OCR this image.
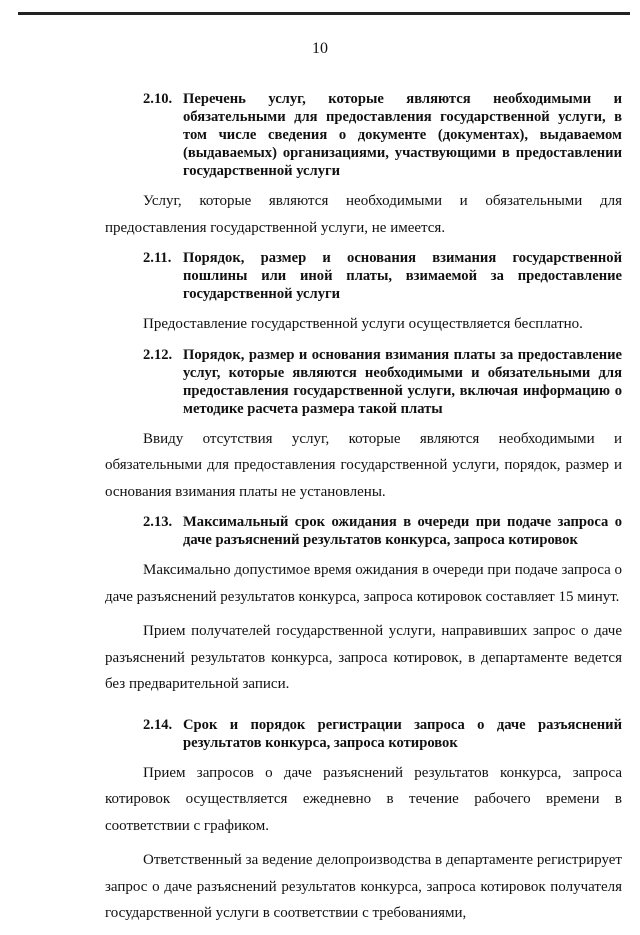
10
2.10. Перечень услуг, которые являются необходимыми и обязательными для предоставления государственной услуги, в том числе сведения о документе (документах), выдаваемом (выдаваемых) организациями, участвующими в предоставлении государственной услуги

Услуг, которые являются необходимыми и обязательными для предоставления государственной услуги, не имеется.

2.11. Порядок, размер и основания взимания государственной пошлины или иной платы, взимаемой за предоставление государственной услуги

Предоставление государственной услуги осуществляется бесплатно.

2.12. Порядок, размер и основания взимания платы за предоставление услуг, которые являются необходимыми и обязательными для предоставления государственной услуги, включая информацию о методике расчета размера такой платы

Ввиду отсутствия услуг, которые являются необходимыми и обязательными для предоставления государственной услуги, порядок, размер и основания взимания платы не установлены.

2.13. Максимальный срок ожидания в очереди при подаче запроса о даче разъяснений результатов конкурса, запроса котировок

Максимально допустимое время ожидания в очереди при подаче запроса о даче разъяснений результатов конкурса, запроса котировок составляет 15 минут.

Прием получателей государственной услуги, направивших запрос о даче разъяснений результатов конкурса, запроса котировок, в департаменте ведется без предварительной записи.

2.14. Срок и порядок регистрации запроса о даче разъяснений результатов конкурса, запроса котировок

Прием запросов о даче разъяснений результатов конкурса, запроса котировок осуществляется ежедневно в течение рабочего времени в соответствии с графиком.

Ответственный за ведение делопроизводства в департаменте регистрирует запрос о даче разъяснений результатов конкурса, запроса котировок получателя государственной услуги в соответствии с требованиями,
